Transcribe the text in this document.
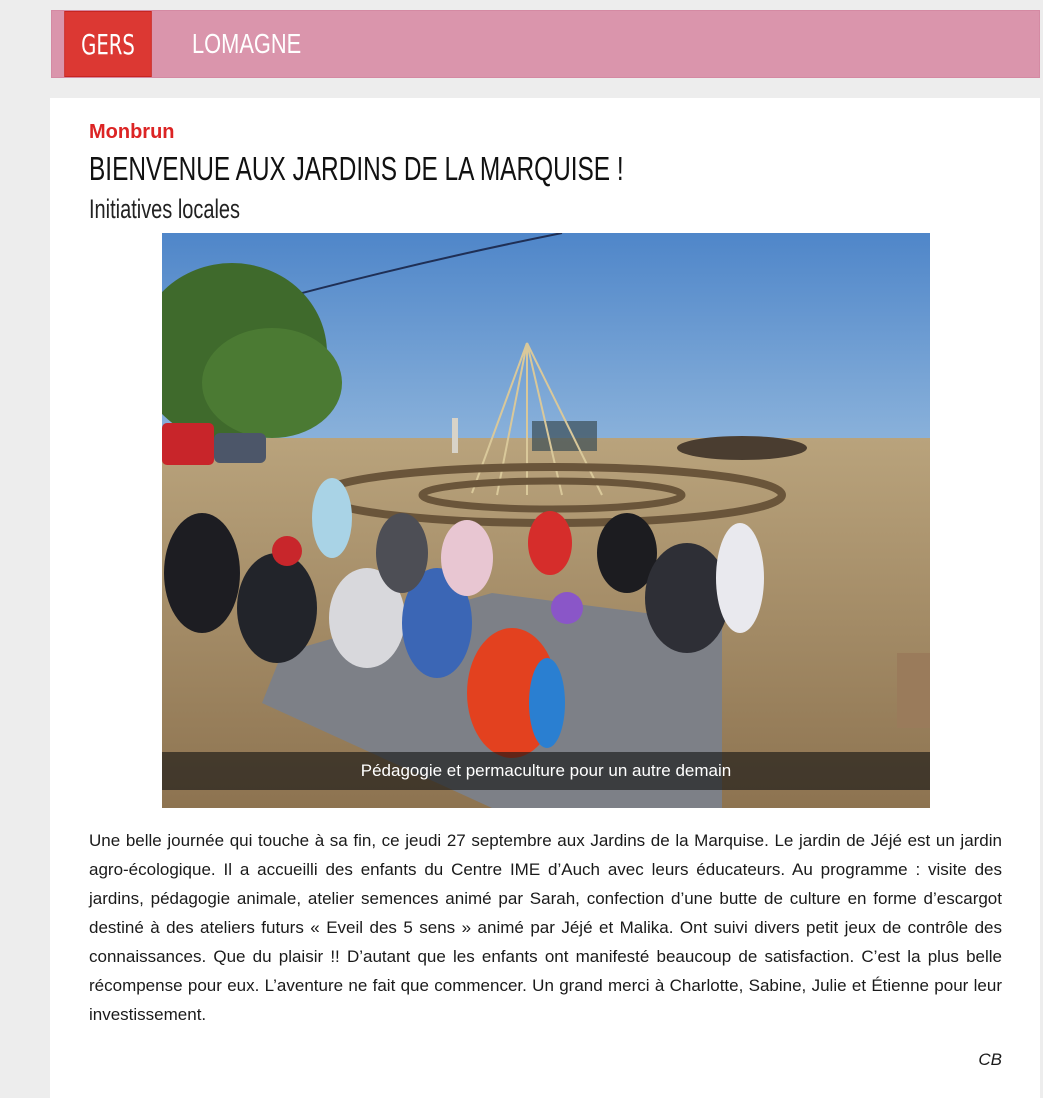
GERS LOMAGNE
Monbrun
BIENVENUE AUX JARDINS DE LA MARQUISE !
Initiatives locales
Pédagogie et permaculture pour un autre demain

Une belle journée qui touche à sa fin, ce jeudi 27 septembre aux Jardins de la Marquise. Le jardin de Jéjé est un jardin agro-écologique. Il a accueilli des enfants du Centre IME d’Auch avec leurs éducateurs. Au programme : visite des jardins, pédagogie animale, atelier semences animé par Sarah, confection d’une butte de culture en forme d’escargot destiné à des ateliers futurs « Eveil des 5 sens » animé par Jéjé et Malika. Ont suivi divers petit jeux de contrôle des connaissances. Que du plaisir !! D’autant que les enfants ont manifesté beaucoup de satisfaction. C’est la plus belle récompense pour eux. L’aventure ne fait que commencer. Un grand merci à Charlotte, Sabine, Julie et Étienne pour leur investissement.

CB
